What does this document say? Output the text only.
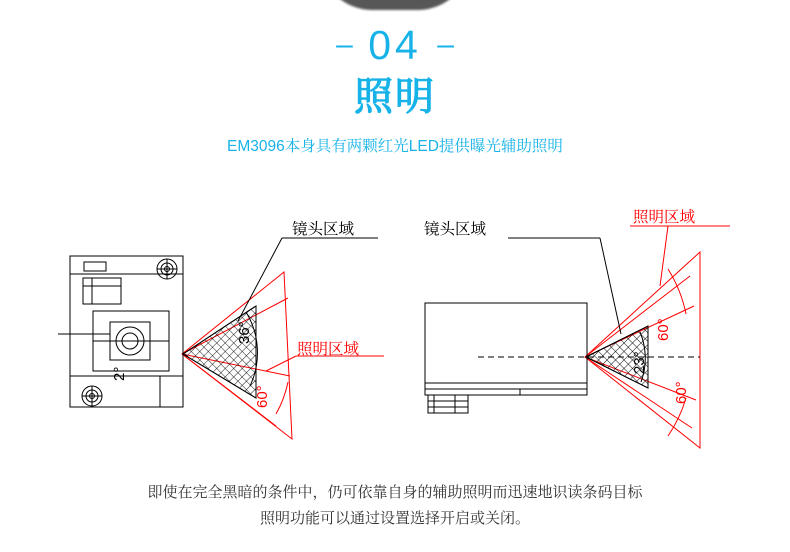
– 04 –
照明
EM3096本身具有两颗红光LED提供曝光辅助照明
镜头区域
照明区域
36°
2°
60°
镜头区域
照明区域
23°
60°
60°
即使在完全黑暗的条件中，仍可依靠自身的辅助照明而迅速地识读条码目标
照明功能可以通过设置选择开启或关闭。
